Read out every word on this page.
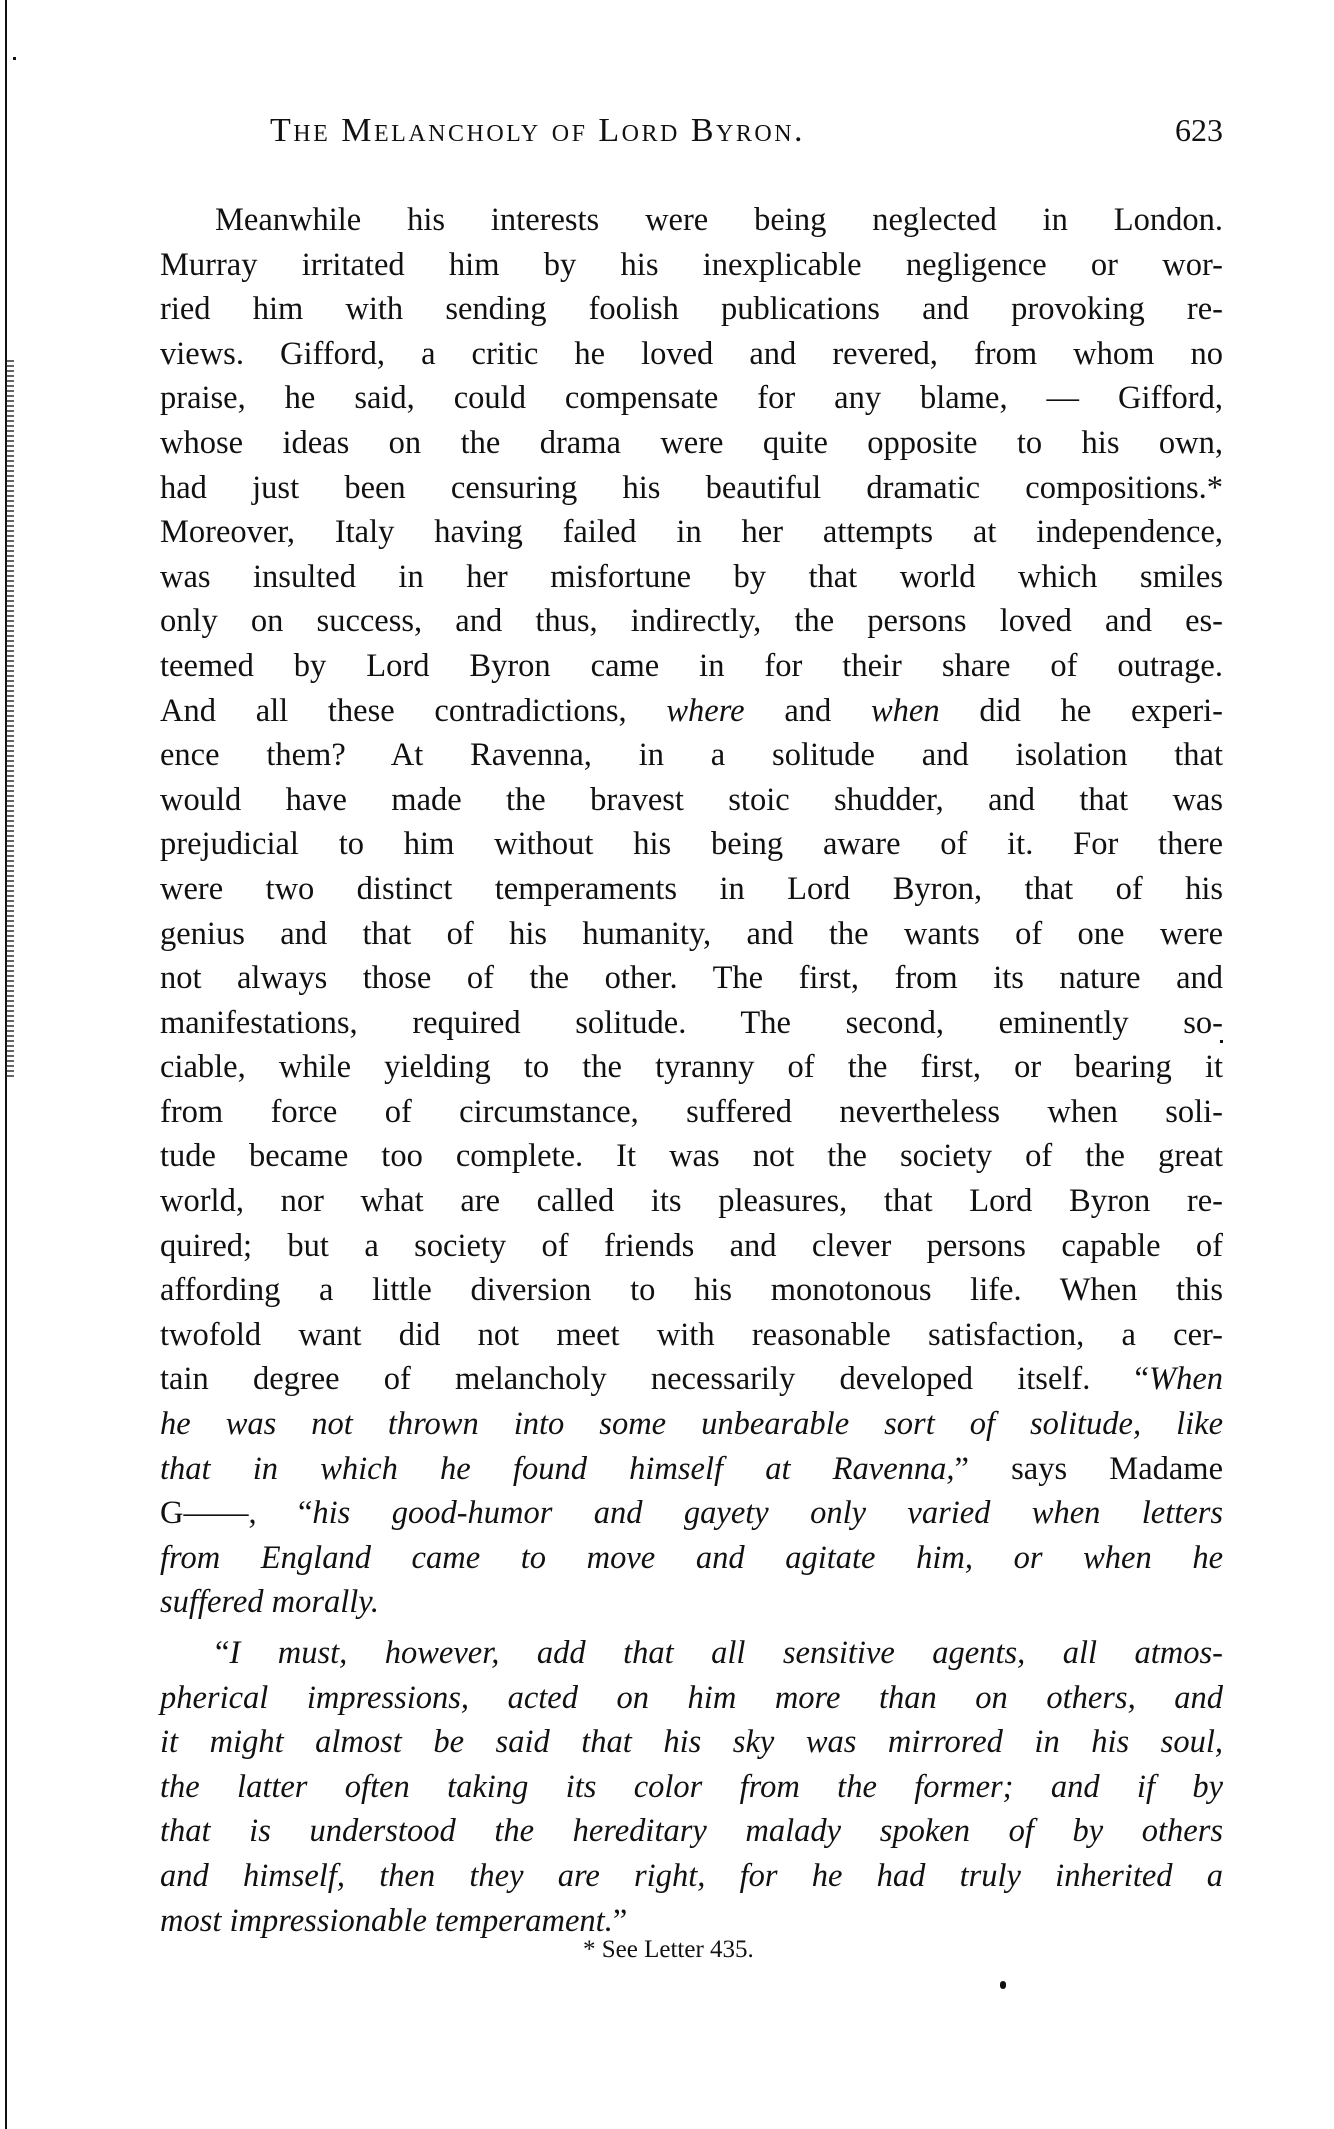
The Melancholy of Lord Byron.	623
Meanwhile his interests were being neglected in London.
Murray irritated him by his inexplicable negligence or wor-
ried him with sending foolish publications and provoking re-
views. Gifford, a critic he loved and revered, from whom no
praise, he said, could compensate for any blame, — Gifford,
whose ideas on the drama were quite opposite to his own,
had just been censuring his beautiful dramatic compositions.*
Moreover, Italy having failed in her attempts at independence,
was insulted in her misfortune by that world which smiles
only on success, and thus, indirectly, the persons loved and es-
teemed by Lord Byron came in for their share of outrage.
And all these contradictions, where and when did he experi-
ence them? At Ravenna, in a solitude and isolation that
would have made the bravest stoic shudder, and that was
prejudicial to him without his being aware of it. For there
were two distinct temperaments in Lord Byron, that of his
genius and that of his humanity, and the wants of one were
not always those of the other. The first, from its nature and
manifestations, required solitude. The second, eminently so-
ciable, while yielding to the tyranny of the first, or bearing it
from force of circumstance, suffered nevertheless when soli-
tude became too complete. It was not the society of the great
world, nor what are called its pleasures, that Lord Byron re-
quired; but a society of friends and clever persons capable of
affording a little diversion to his monotonous life. When this
twofold want did not meet with reasonable satisfaction, a cer-
tain degree of melancholy necessarily developed itself. “When
he was not thrown into some unbearable sort of solitude, like
that in which he found himself at Ravenna,” says Madame
G——, “his good-humor and gayety only varied when letters
from England came to move and agitate him, or when he
suffered morally.
“I must, however, add that all sensitive agents, all atmos-
pherical impressions, acted on him more than on others, and
it might almost be said that his sky was mirrored in his soul,
the latter often taking its color from the former; and if by
that is understood the hereditary malady spoken of by others
and himself, then they are right, for he had truly inherited a
most impressionable temperament.”
* See Letter 435.
